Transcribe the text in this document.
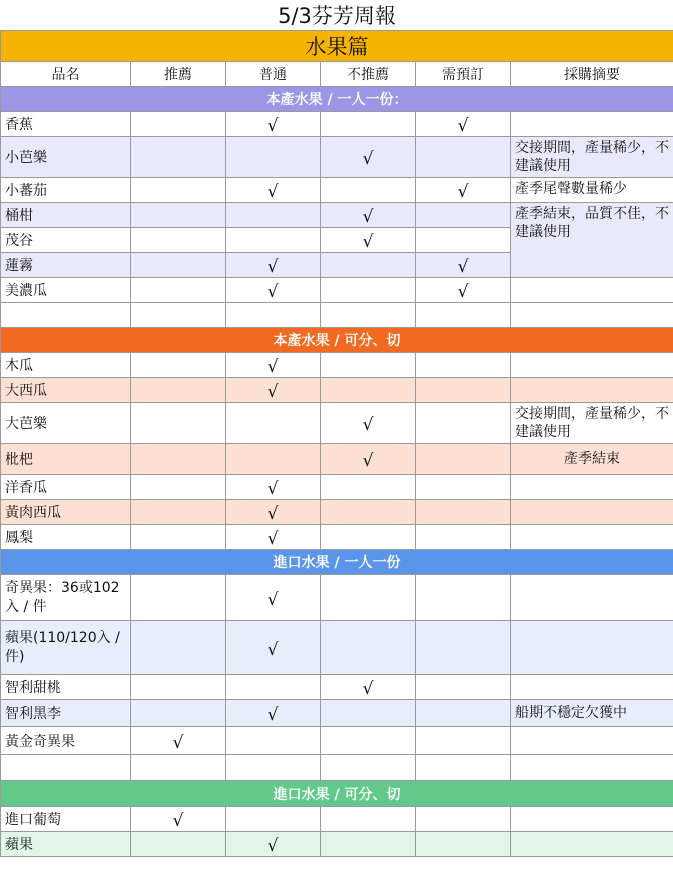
5/3芬芳周報					
水果篇					
品名	推薦	普通	不推薦	需預訂	採購摘要
本產水果 / 一人一份：					
香蕉		√		√	
小芭樂			√		交接期間，產量稀少，不建議使用
小蕃茄		√		√	產季尾聲數量稀少
桶柑			√		產季結束，品質不佳，不建議使用
茂谷			√		
蓮霧		√		√	
美濃瓜		√		√	

本產水果 / 可分、切					
木瓜		√			
大西瓜		√			
大芭樂			√		交接期間，產量稀少，不建議使用
枇杷			√		產季結束
洋香瓜		√			
黃肉西瓜		√			
鳳梨		√			
進口水果 / 一人一份					
奇異果：36或102入 / 件		√			
蘋果(110/120入 / 件)		√			
智利甜桃			√		
智利黑李		√			船期不穩定欠獲中
黃金奇異果	√				

進口水果 / 可分、切					
進口葡萄	√				
蘋果		√			
